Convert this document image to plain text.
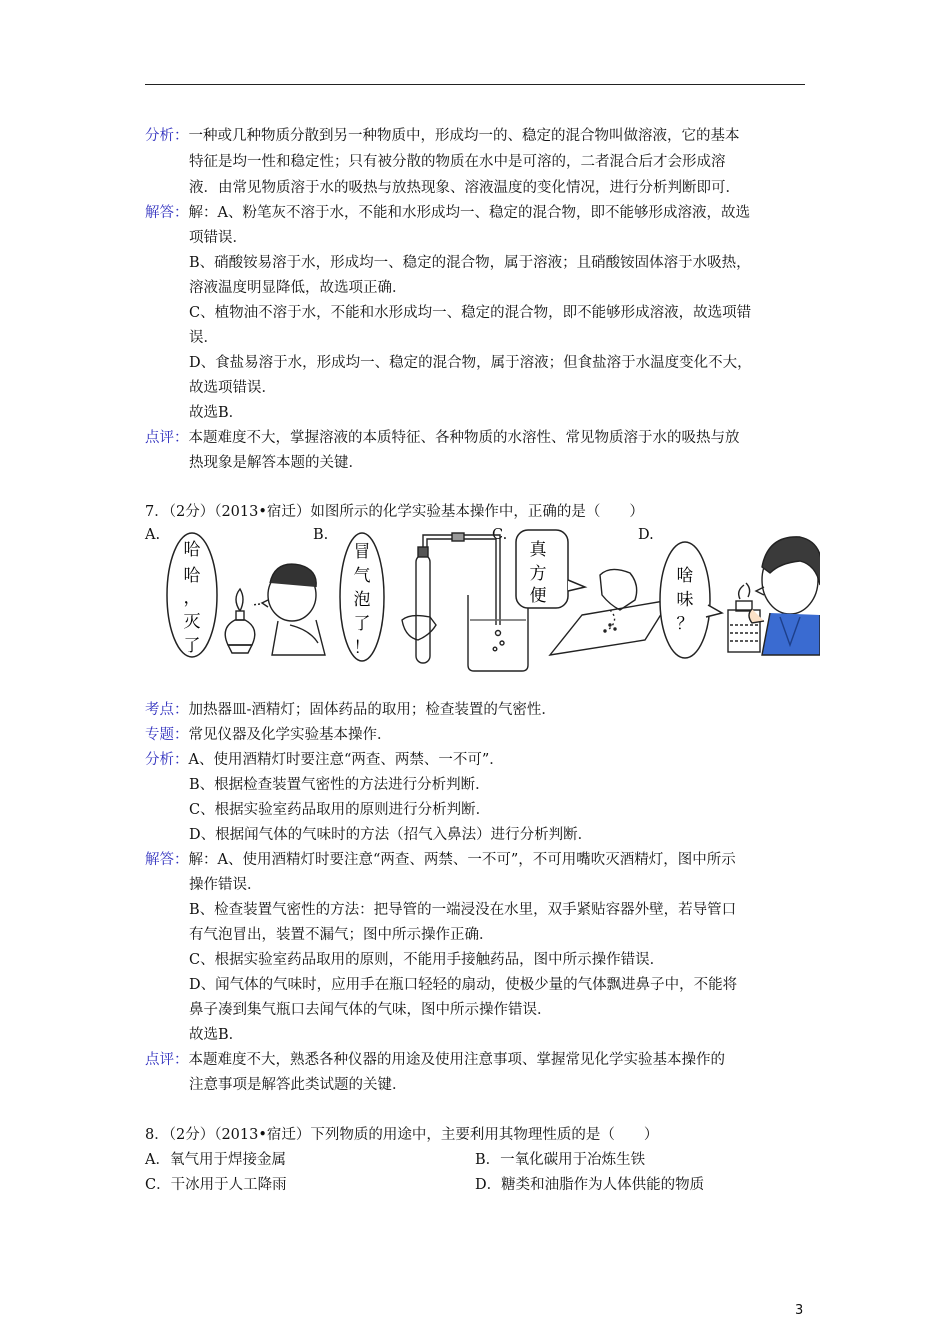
分析：一种或几种物质分散到另一种物质中，形成均一的、稳定的混合物叫做溶液，它的基本
特征是均一性和稳定性；只有被分散的物质在水中是可溶的，二者混合后才会形成溶
液．由常见物质溶于水的吸热与放热现象、溶液温度的变化情况，进行分析判断即可．
解答：解：A、粉笔灰不溶于水，不能和水形成均一、稳定的混合物，即不能够形成溶液，故选
项错误．
B、硝酸铵易溶于水，形成均一、稳定的混合物，属于溶液；且硝酸铵固体溶于水吸热，
溶液温度明显降低，故选项正确．
C、植物油不溶于水，不能和水形成均一、稳定的混合物，即不能够形成溶液，故选项错
误．
D、食盐易溶于水，形成均一、稳定的混合物，属于溶液；但食盐溶于水温度变化不大，
故选项错误．
故选B．
点评：本题难度不大，掌握溶液的本质特征、各种物质的水溶性、常见物质溶于水的吸热与放
热现象是解答本题的关键．
7．（2分）（2013•宿迁）如图所示的化学实验基本操作中，正确的是（　　）
A.	B.	C.	D.
哈
哈
，
灭
了
冒
气
泡
了
！
真
方
便
啥
味
？
考点：加热器皿-酒精灯；固体药品的取用；检查装置的气密性．
专题：常见仪器及化学实验基本操作．
分析：A、使用酒精灯时要注意“两查、两禁、一不可”．
B、根据检查装置气密性的方法进行分析判断．
C、根据实验室药品取用的原则进行分析判断．
D、根据闻气体的气味时的方法（招气入鼻法）进行分析判断．
解答：解：A、使用酒精灯时要注意“两查、两禁、一不可”，不可用嘴吹灭酒精灯，图中所示
操作错误．
B、检查装置气密性的方法：把导管的一端浸没在水里，双手紧贴容器外壁，若导管口
有气泡冒出，装置不漏气；图中所示操作正确．
C、根据实验室药品取用的原则，不能用手接触药品，图中所示操作错误．
D、闻气体的气味时，应用手在瓶口轻轻的扇动，使极少量的气体飘进鼻子中，不能将
鼻子凑到集气瓶口去闻气体的气味，图中所示操作错误．
故选B．
点评：本题难度不大，熟悉各种仪器的用途及使用注意事项、掌握常见化学实验基本操作的
注意事项是解答此类试题的关键．
8．（2分）（2013•宿迁）下列物质的用途中，主要利用其物理性质的是（　　）
A．氧气用于焊接金属	B．一氧化碳用于冶炼生铁
C．干冰用于人工降雨	D．糖类和油脂作为人体供能的物质
3
